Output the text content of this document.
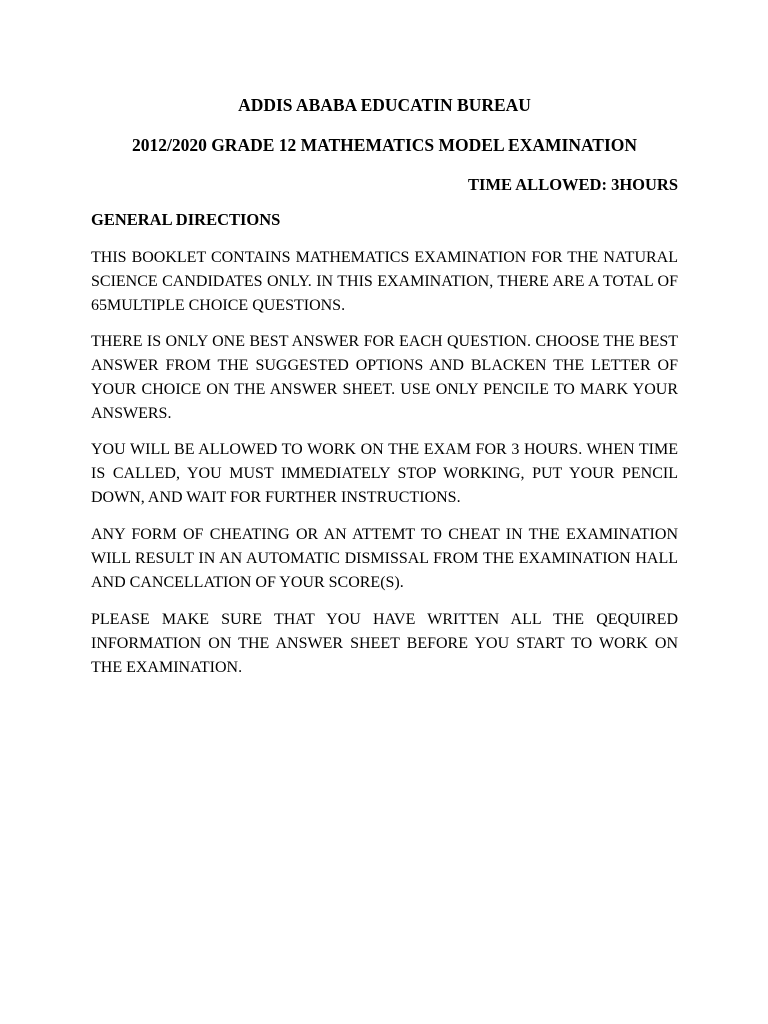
ADDIS ABABA EDUCATIN BUREAU
2012/2020 GRADE 12 MATHEMATICS MODEL EXAMINATION
TIME ALLOWED: 3HOURS
GENERAL DIRECTIONS

THIS BOOKLET CONTAINS MATHEMATICS EXAMINATION FOR THE NATURAL SCIENCE CANDIDATES ONLY. IN THIS EXAMINATION, THERE ARE A TOTAL OF 65MULTIPLE CHOICE QUESTIONS.

THERE IS ONLY ONE BEST ANSWER FOR EACH QUESTION. CHOOSE THE BEST ANSWER FROM THE SUGGESTED OPTIONS AND BLACKEN THE LETTER OF YOUR CHOICE ON THE ANSWER SHEET. USE ONLY PENCILE TO MARK YOUR ANSWERS.

YOU WILL BE ALLOWED TO WORK ON THE EXAM FOR 3 HOURS. WHEN TIME IS CALLED, YOU MUST IMMEDIATELY STOP WORKING, PUT YOUR PENCIL DOWN, AND WAIT FOR FURTHER INSTRUCTIONS.

ANY FORM OF CHEATING OR AN ATTEMT TO CHEAT IN THE EXAMINATION WILL RESULT IN AN AUTOMATIC DISMISSAL FROM THE EXAMINATION HALL AND CANCELLATION OF YOUR SCORE(S).

PLEASE MAKE SURE THAT YOU HAVE WRITTEN ALL THE QEQUIRED INFORMATION ON THE ANSWER SHEET BEFORE YOU START TO WORK ON THE EXAMINATION.
